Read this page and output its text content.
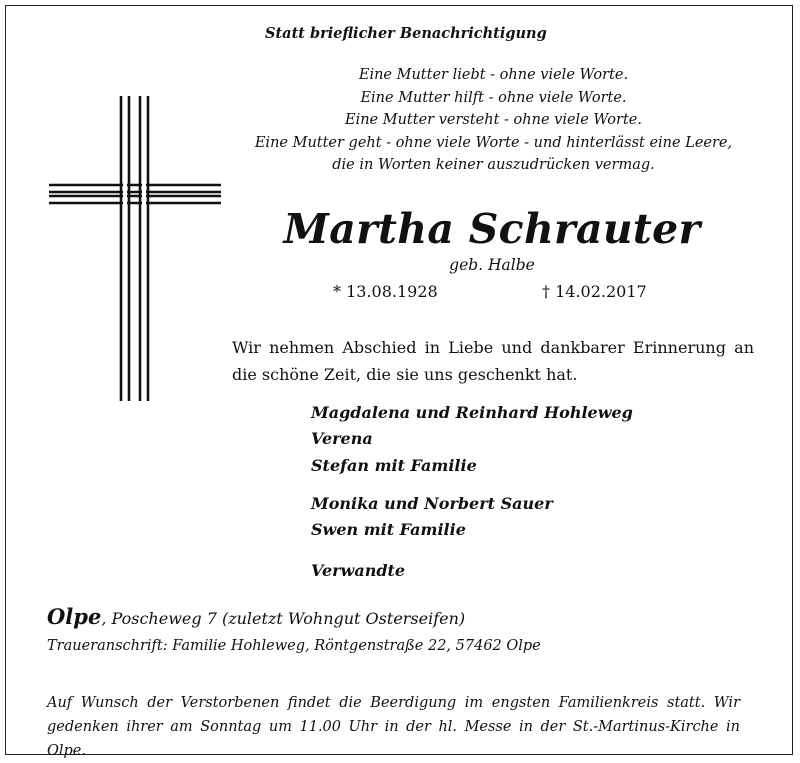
Statt brieflicher Benachrichtigung
Eine Mutter liebt - ohne viele Worte.
Eine Mutter hilft - ohne viele Worte.
Eine Mutter versteht - ohne viele Worte.
Eine Mutter geht - ohne viele Worte - und hinterlässt eine Leere,
die in Worten keiner auszudrücken vermag.
Martha Schrauter
geb. Halbe
* 13.08.1928	† 14.02.2017
Wir nehmen Abschied in Liebe und dankbarer Erinnerung an die schöne Zeit, die sie uns geschenkt hat.
Magdalena und Reinhard Hohleweg
Verena
Stefan mit Familie
Monika und Norbert Sauer
Swen mit Familie
Verwandte
Olpe, Poscheweg 7 (zuletzt Wohngut Osterseifen)
Traueranschrift: Familie Hohleweg, Röntgenstraße 22, 57462 Olpe
Auf Wunsch der Verstorbenen findet die Beerdigung im engsten Familienkreis statt. Wir gedenken ihrer am Sonntag um 11.00 Uhr in der hl. Messe in der St.-Martinus-Kirche in Olpe.
